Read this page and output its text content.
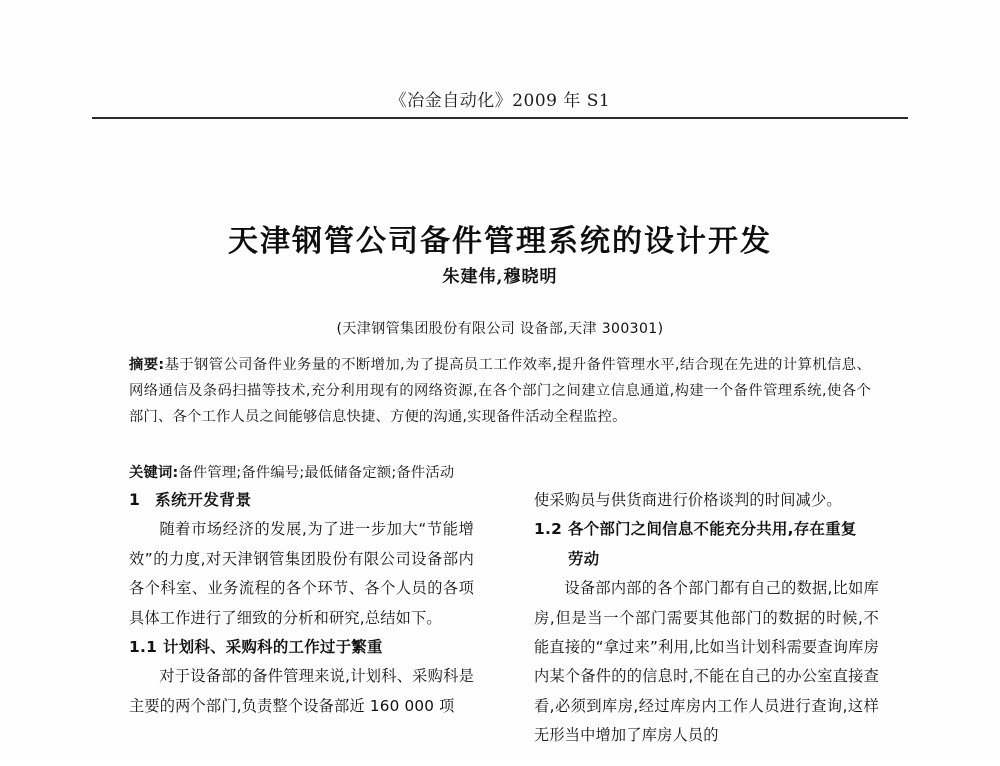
《冶金自动化》2009 年 S1
天津钢管公司备件管理系统的设计开发
朱建伟,穆晓明
(天津钢管集团股份有限公司 设备部,天津 300301)
摘要:基于钢管公司备件业务量的不断增加,为了提高员工工作效率,提升备件管理水平,结合现在先进的计算机信息、网络通信及条码扫描等技术,充分利用现有的网络资源,在各个部门之间建立信息通道,构建一个备件管理系统,使各个部门、各个工作人员之间能够信息快捷、方便的沟通,实现备件活动全程监控。
关键词:备件管理;备件编号;最低储备定额;备件活动
1 系统开发背景

随着市场经济的发展,为了进一步加大“节能增效”的力度,对天津钢管集团股份有限公司设备部内各个科室、业务流程的各个环节、各个人员的各项具体工作进行了细致的分析和研究,总结如下。

1.1 计划科、采购科的工作过于繁重

对于设备部的备件管理来说,计划科、采购科是主要的两个部门,负责整个设备部近 160 000 项

使采购员与供货商进行价格谈判的时间减少。

1.2 各个部门之间信息不能充分共用,存在重复
劳动

设备部内部的各个部门都有自己的数据,比如库房,但是当一个部门需要其他部门的数据的时候,不能直接的“拿过来”利用,比如当计划科需要查询库房内某个备件的的信息时,不能在自己的办公室直接查看,必须到库房,经过库房内工作人员进行查询,这样无形当中增加了库房人员的
